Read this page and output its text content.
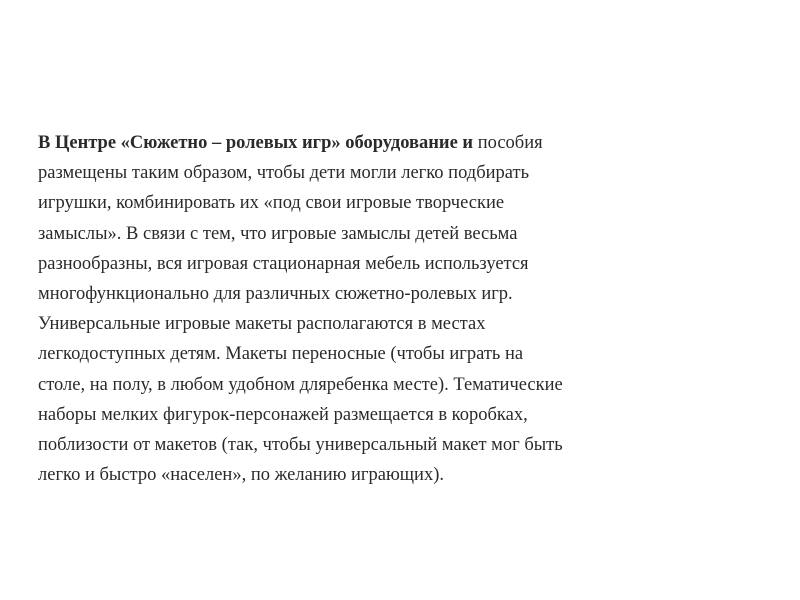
В Центре «Сюжетно – ролевых игр» оборудование и пособия
размещены таким образом, чтобы дети могли легко подбирать
игрушки, комбинировать их «под свои игровые творческие
замыслы». В связи с тем, что игровые замыслы детей весьма
разнообразны, вся игровая стационарная мебель используется
многофункционально для различных сюжетно-ролевых игр.
Универсальные игровые макеты располагаются в местах
легкодоступных детям. Макеты переносные (чтобы играть на
столе, на полу, в любом удобном дляребенка месте). Тематические
наборы мелких фигурок-персонажей размещается в коробках,
поблизости от макетов (так, чтобы универсальный макет мог быть
легко и быстро «населен», по желанию играющих).
